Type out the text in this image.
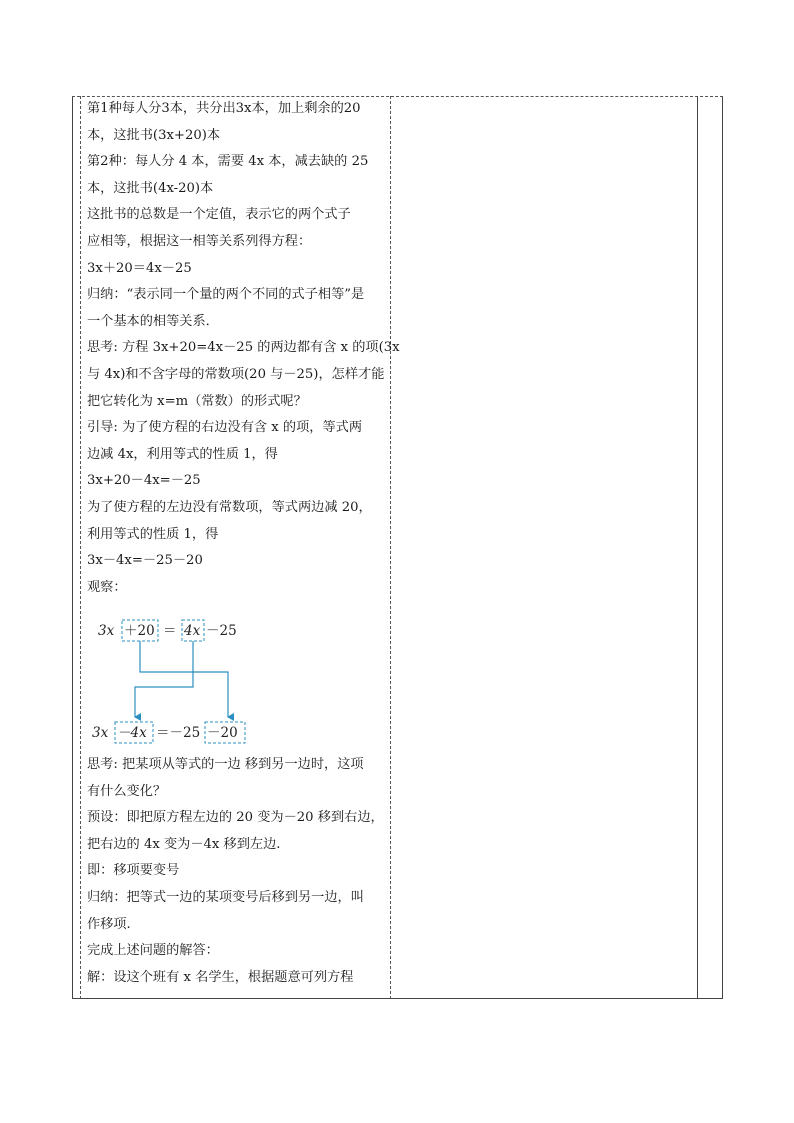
第1种每人分3本，共分出3x本，加上剩余的20
本，这批书(3x+20)本
第2种：每人分 4 本，需要 4x 本，减去缺的 25
本，这批书(4x-20)本
这批书的总数是一个定值，表示它的两个式子
应相等，根据这一相等关系列得方程：
3x＋20＝4x－25
归纳：“表示同一个量的两个不同的式子相等”是
一个基本的相等关系．
思考: 方程 3x+20=4x－25 的两边都有含 x 的项(3x
与 4x)和不含字母的常数项(20 与－25)，怎样才能
把它转化为 x=m（常数）的形式呢？
引导: 为了使方程的右边没有含 x 的项，等式两
边减 4x，利用等式的性质 1，得
3x+20－4x=－25
为了使方程的左边没有常数项，等式两边减 20，
利用等式的性质 1，得
3x－4x=－25－20
观察：
3x ＋20 ＝ 4x －25
3x －4x ＝－25 －20
思考: 把某项从等式的一边 移到另一边时，这项
有什么变化？
预设：即把原方程左边的 20 变为－20 移到右边，
把右边的 4x 变为－4x 移到左边.
即：移项要变号
归纳：把等式一边的某项变号后移到另一边，叫
作移项.
完成上述问题的解答：
解：设这个班有 x 名学生，根据题意可列方程
